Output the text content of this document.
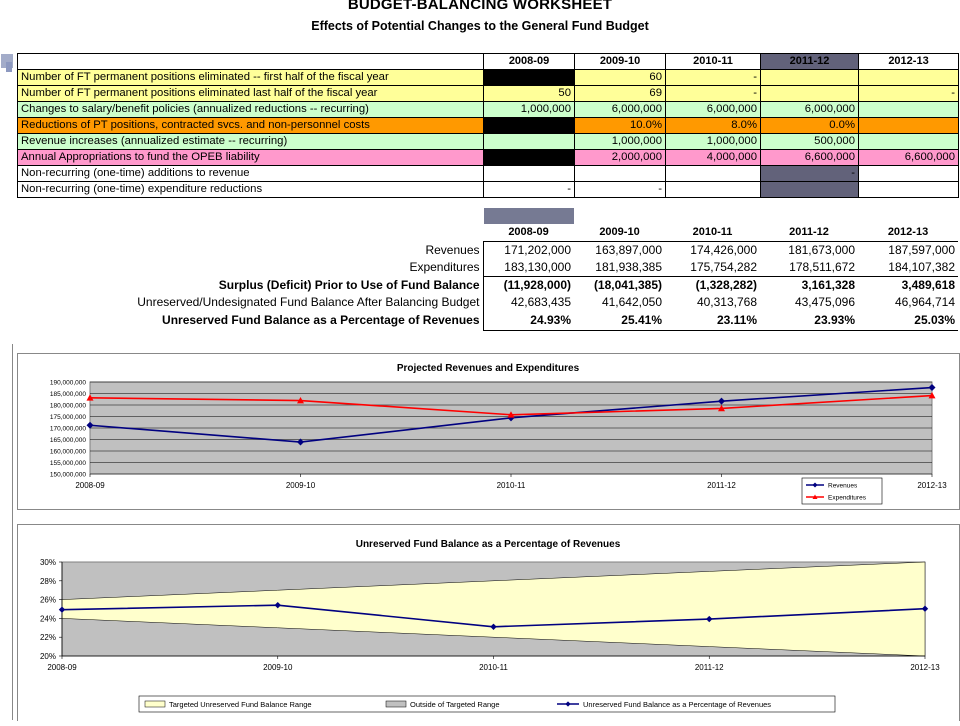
BUDGET-BALANCING WORKSHEET
Effects of Potential Changes to the General Fund Budget
	2008-09	2009-10	2010-11	2011-12	2012-13
Number of FT permanent positions eliminated -- first half of the fiscal year		60	-		
Number of FT permanent positions eliminated last half of the fiscal year	50	69	-		-
Changes to salary/benefit policies (annualized reductions -- recurring)	1,000,000	6,000,000	6,000,000	6,000,000	
Reductions of PT positions, contracted svcs. and non-personnel costs		10.0%	8.0%	0.0%	
Revenue increases (annualized estimate -- recurring)		1,000,000	1,000,000	500,000	
Annual Appropriations to fund the OPEB liability		2,000,000	4,000,000	6,600,000	6,600,000
Non-recurring (one-time) additions to revenue				-	
Non-recurring (one-time) expenditure reductions	-	-			
	2008-09	2009-10	2010-11	2011-12	2012-13
Revenues	171,202,000	163,897,000	174,426,000	181,673,000	187,597,000
Expenditures	183,130,000	181,938,385	175,754,282	178,511,672	184,107,382
Surplus (Deficit) Prior to Use of Fund Balance	(11,928,000)	(18,041,385)	(1,328,282)	3,161,328	3,489,618
Unreserved/Undesignated Fund Balance After Balancing Budget	42,683,435	41,642,050	40,313,768	43,475,096	46,964,714
Unreserved Fund Balance as a Percentage of Revenues	24.93%	25.41%	23.11%	23.93%	25.03%
Projected Revenues and Expenditures
150,000,000
155,000,000
160,000,000
165,000,000
170,000,000
175,000,000
180,000,000
185,000,000
190,000,000
2008-09	2009-10	2010-11	2011-12	2012-13
Revenues
Expenditures
Unreserved Fund Balance as a Percentage of Revenues
20%
22%
24%
26%
28%
30%
2008-09	2009-10	2010-11	2011-12	2012-13
Targeted Unreserved Fund Balance Range	Outside of Targeted Range	Unreserved Fund Balance as a Percentage of Revenues
